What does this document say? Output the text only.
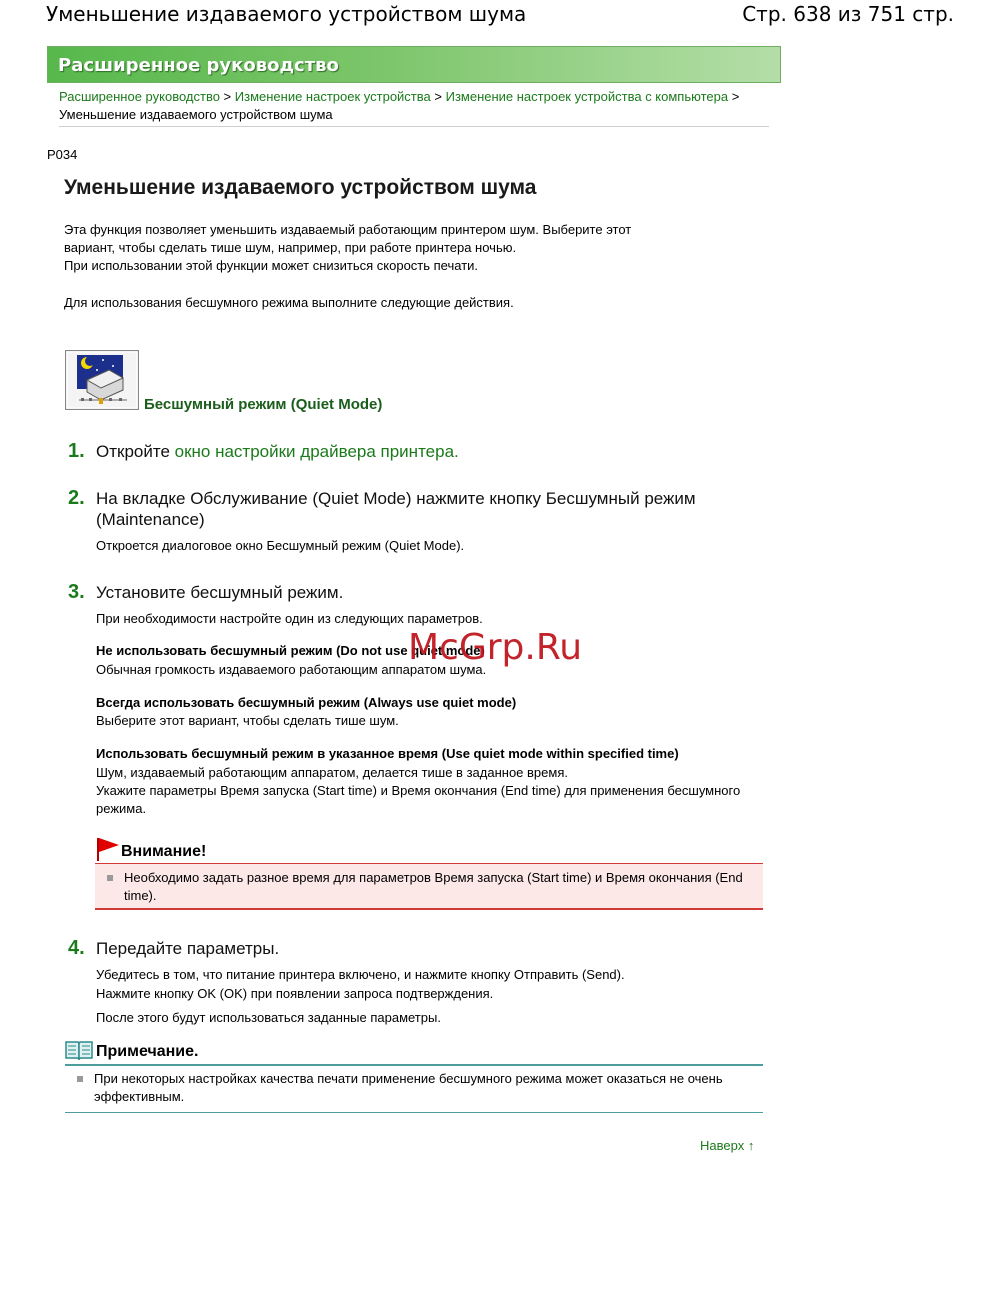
Уменьшение издаваемого устройством шума	Стр. 638 из 751 стр.
Расширенное руководство
Расширенное руководство > Изменение настроек устройства > Изменение настроек устройства с компьютера > Уменьшение издаваемого устройством шума
P034
Уменьшение издаваемого устройством шума
Эта функция позволяет уменьшить издаваемый работающим принтером шум. Выберите этот
вариант, чтобы сделать тише шум, например, при работе принтера ночью.
При использовании этой функции может снизиться скорость печати.
Для использования бесшумного режима выполните следующие действия.
Бесшумный режим (Quiet Mode)
1. Откройте окно настройки драйвера принтера.
2. На вкладке Обслуживание (Quiet Mode) нажмите кнопку Бесшумный режим (Maintenance)
Откроется диалоговое окно Бесшумный режим (Quiet Mode).
3. Установите бесшумный режим.
При необходимости настройте один из следующих параметров.
Не использовать бесшумный режим (Do not use quiet mode)
Обычная громкость издаваемого работающим аппаратом шума.
Всегда использовать бесшумный режим (Always use quiet mode)
Выберите этот вариант, чтобы сделать тише шум.
Использовать бесшумный режим в указанное время (Use quiet mode within specified time)
Шум, издаваемый работающим аппаратом, делается тише в заданное время.
Укажите параметры Время запуска (Start time) и Время окончания (End time) для применения бесшумного режима.
Внимание!
Необходимо задать разное время для параметров Время запуска (Start time) и Время окончания (End time).
4. Передайте параметры.
Убедитесь в том, что питание принтера включено, и нажмите кнопку Отправить (Send).
Нажмите кнопку OK (OK) при появлении запроса подтверждения.
После этого будут использоваться заданные параметры.
Примечание.
При некоторых настройках качества печати применение бесшумного режима может оказаться не очень эффективным.
Наверх ↑
McGrp.Ru
